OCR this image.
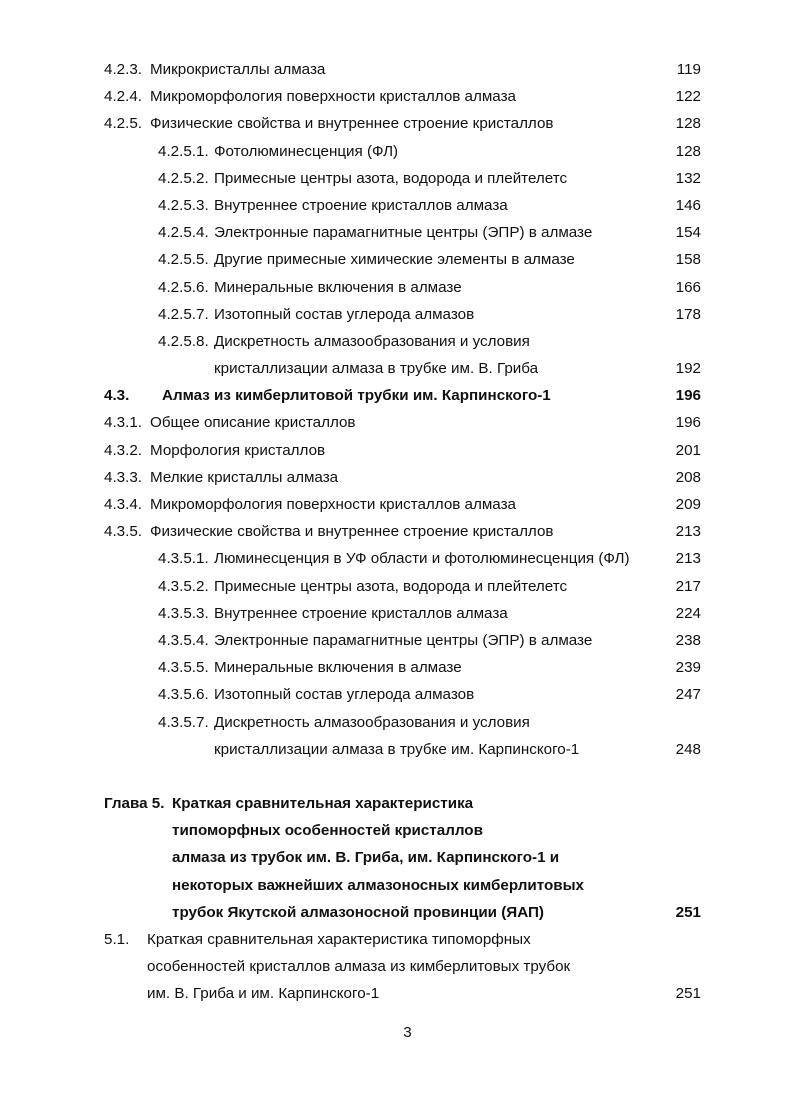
4.2.3. Микрокристаллы алмаза	119
4.2.4. Микроморфология поверхности кристаллов алмаза	122
4.2.5. Физические свойства и внутреннее строение кристаллов	128
4.2.5.1. Фотолюминесценция (ФЛ)	128
4.2.5.2. Примесные центры азота, водорода и плейтелетс	132
4.2.5.3. Внутреннее строение кристаллов алмаза	146
4.2.5.4. Электронные парамагнитные центры (ЭПР) в алмазе	154
4.2.5.5. Другие примесные химические элементы в алмазе	158
4.2.5.6. Минеральные включения в алмазе	166
4.2.5.7. Изотопный состав углерода алмазов	178
4.2.5.8. Дискретность алмазообразования и условия
кристаллизации алмаза в трубке им. В. Гриба	192
4.3.	Алмаз из кимберлитовой трубки им. Карпинского-1	196
4.3.1. Общее описание кристаллов	196
4.3.2. Морфология кристаллов	201
4.3.3. Мелкие кристаллы алмаза	208
4.3.4. Микроморфология поверхности кристаллов алмаза	209
4.3.5. Физические свойства и внутреннее строение кристаллов	213
4.3.5.1. Люминесценция в УФ области и фотолюминесценция (ФЛ)	213
4.3.5.2. Примесные центры азота, водорода и плейтелетс	217
4.3.5.3. Внутреннее строение кристаллов алмаза	224
4.3.5.4. Электронные парамагнитные центры (ЭПР) в алмазе	238
4.3.5.5. Минеральные включения в алмазе	239
4.3.5.6. Изотопный состав углерода алмазов	247
4.3.5.7. Дискретность алмазообразования и условия
кристаллизации алмаза в трубке им. Карпинского-1	248
Глава 5. Краткая сравнительная характеристика
типоморфных особенностей кристаллов
алмаза из трубок им. В. Гриба, им. Карпинского-1 и
некоторых важнейших алмазоносных кимберлитовых
трубок Якутской алмазоносной провинции (ЯАП)	251
5.1.	Краткая сравнительная характеристика типоморфных
особенностей кристаллов алмаза из кимберлитовых трубок
им. В. Гриба и им. Карпинского-1	251
3
